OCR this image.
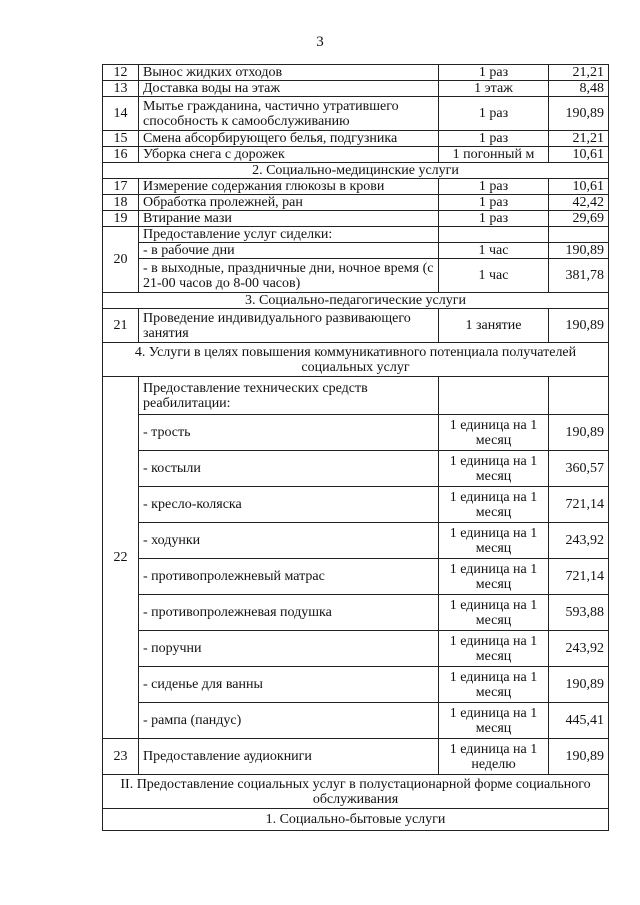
3
12	Вынос жидких отходов	1 раз	21,21
13	Доставка воды на этаж	1 этаж	8,48
14	Мытье гражданина, частично утратившего способность к самообслуживанию	1 раз	190,89
15	Смена абсорбирующего белья, подгузника	1 раз	21,21
16	Уборка снега с дорожек	1 погонный м	10,61
2. Социально-медицинские услуги			
17	Измерение содержания глюкозы в крови	1 раз	10,61
18	Обработка пролежней, ран	1 раз	42,42
19	Втирание мази	1 раз	29,69
20	Предоставление услуг сиделки:		
	- в рабочие дни	1 час	190,89
	- в выходные, праздничные дни, ночное время (с 21-00 часов до 8-00 часов)	1 час	381,78
3. Социально-педагогические услуги			
21	Проведение индивидуального развивающего занятия	1 занятие	190,89
4. Услуги в целях повышения коммуникативного потенциала получателей социальных услуг			
22	Предоставление технических средств реабилитации:		
	- трость	1 единица на 1 месяц	190,89
	- костыли	1 единица на 1 месяц	360,57
	- кресло-коляска	1 единица на 1 месяц	721,14
	- ходунки	1 единица на 1 месяц	243,92
	- противопролежневый матрас	1 единица на 1 месяц	721,14
	- противопролежневая подушка	1 единица на 1 месяц	593,88
	- поручни	1 единица на 1 месяц	243,92
	- сиденье для ванны	1 единица на 1 месяц	190,89
	- рампа (пандус)	1 единица на 1 месяц	445,41
23	Предоставление аудиокниги	1 единица на 1 неделю	190,89
II. Предоставление социальных услуг в полустационарной форме социального обслуживания			
1. Социально-бытовые услуги			
